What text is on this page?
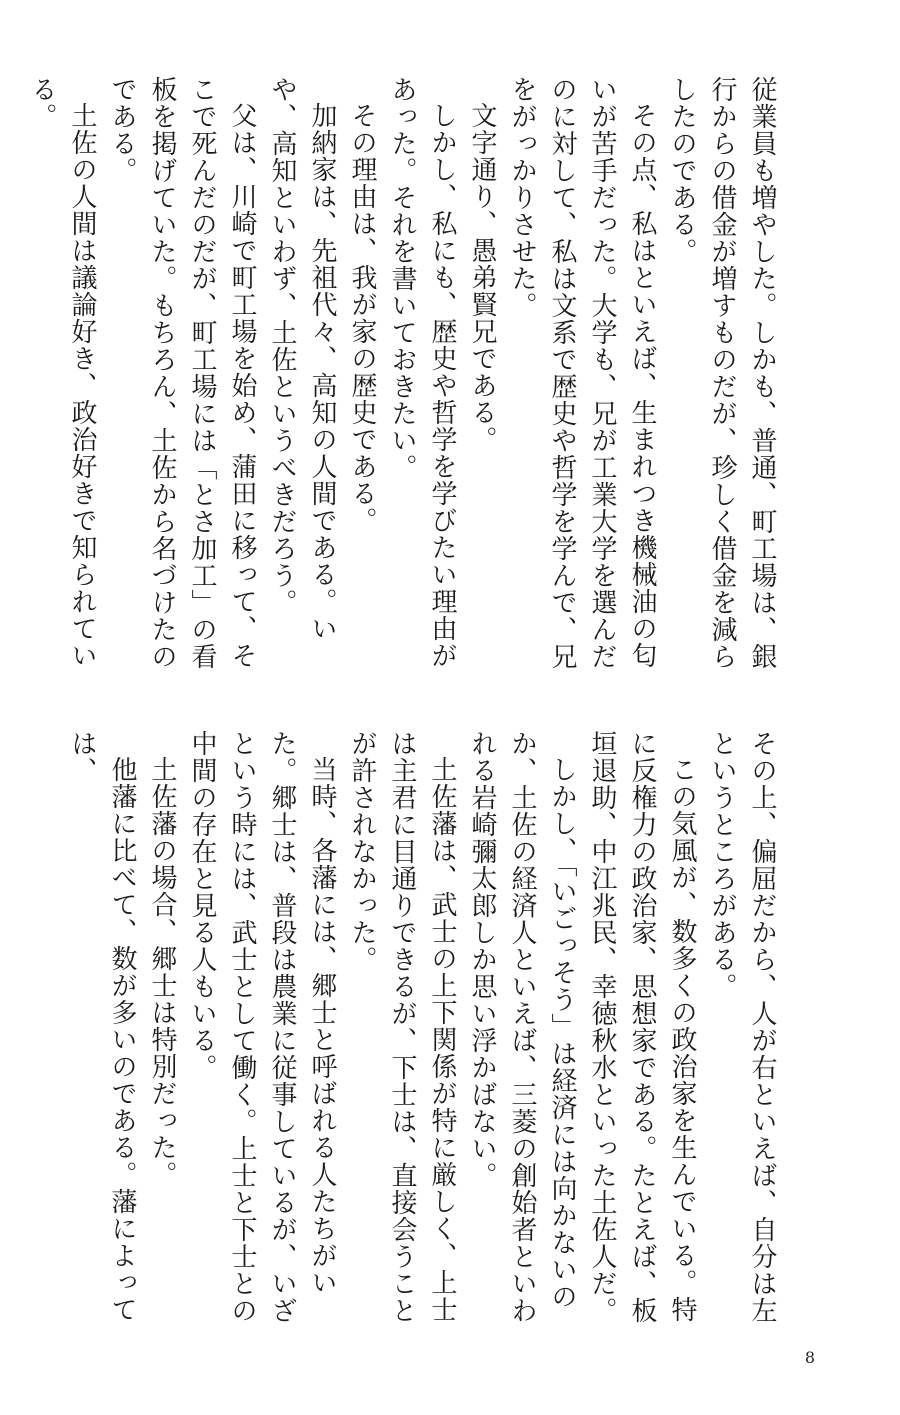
従業員も増やした。しかも、普通、町工場は、銀行からの借金が増すものだが、珍しく借金を減らしたのである。

その点、私はといえば、生まれつき機械油の匂いが苦手だった。大学も、兄が工業大学を選んだのに対して、私は文系で歴史や哲学を学んで、兄をがっかりさせた。

文字通り、愚弟賢兄である。

しかし、私にも、歴史や哲学を学びたい理由があった。それを書いておきたい。

その理由は、我が家の歴史である。

加納家は、先祖代々、高知の人間である。いや、高知といわず、土佐というべきだろう。

父は、川崎で町工場を始め、蒲田に移って、そこで死んだのだが、町工場には「とさ加工」の看板を掲げていた。もちろん、土佐から名づけたのである。

土佐の人間は議論好き、政治好きで知られている。

その上、偏屈だから、人が右といえば、自分は左というところがある。

この気風が、数多くの政治家を生んでいる。特に反権力の政治家、思想家である。たとえば、板垣退助、中江兆民、幸徳秋水といった土佐人だ。

しかし、「いごっそう」は経済には向かないのか、土佐の経済人といえば、三菱の創始者といわれる岩崎彌太郎しか思い浮かばない。

土佐藩は、武士の上下関係が特に厳しく、上士は主君に目通りできるが、下士は、直接会うことが許されなかった。

当時、各藩には、郷士と呼ばれる人たちがいた。郷士は、普段は農業に従事しているが、いざという時には、武士として働く。上士と下士との中間の存在と見る人もいる。

土佐藩の場合、郷士は特別だった。

他藩に比べて、数が多いのである。藩によっては、

8
